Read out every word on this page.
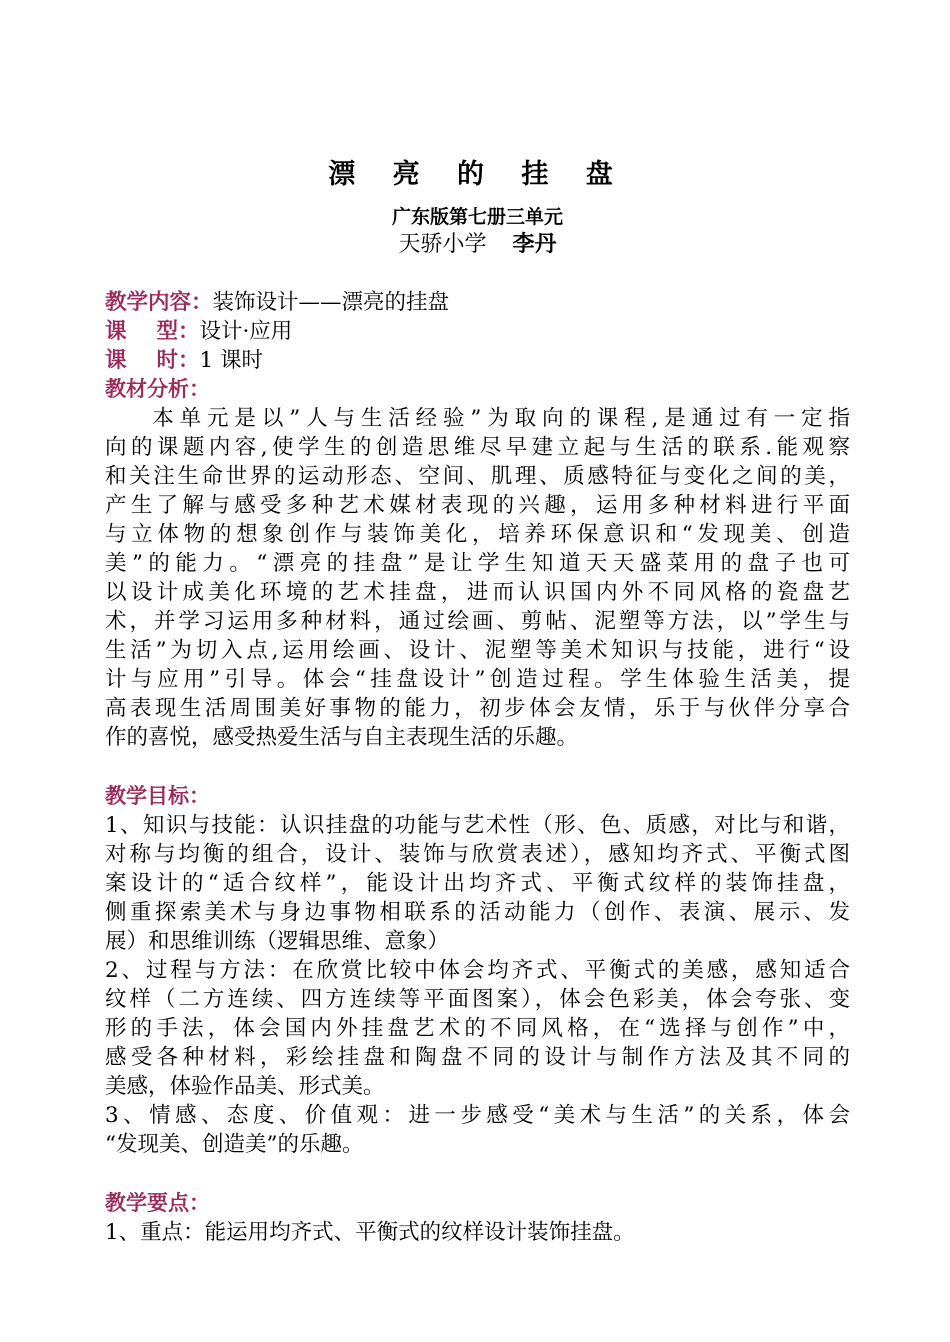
漂 亮 的 挂 盘
广东版第七册三单元
天骄小学 李丹
教学内容：装饰设计——漂亮的挂盘
课    型：设计·应用
课    时：1 课时
教材分析：
本单元是以”人与生活经验”为取向的课程,是通过有一定指
向的课题内容,使学生的创造思维尽早建立起与生活的联系.能观察
和关注生命世界的运动形态、空间、肌理、质感特征与变化之间的美，
产生了解与感受多种艺术媒材表现的兴趣，运用多种材料进行平面
与立体物的想象创作与装饰美化，培养环保意识和“发现美、创造
美”的能力。“漂亮的挂盘”是让学生知道天天盛菜用的盘子也可
以设计成美化环境的艺术挂盘，进而认识国内外不同风格的瓷盘艺
术，并学习运用多种材料，通过绘画、剪帖、泥塑等方法，以”学生与
生活”为切入点,运用绘画、设计、泥塑等美术知识与技能，进行“设
计与应用”引导。体会“挂盘设计”创造过程。学生体验生活美，提
高表现生活周围美好事物的能力，初步体会友情，乐于与伙伴分享合
作的喜悦，感受热爱生活与自主表现生活的乐趣。
教学目标：
1、知识与技能：认识挂盘的功能与艺术性（形、色、质感，对比与和谐，
对称与均衡的组合，设计、装饰与欣赏表述），感知均齐式、平衡式图
案设计的“适合纹样”，能设计出均齐式、平衡式纹样的装饰挂盘，
侧重探索美术与身边事物相联系的活动能力（创作、表演、展示、发
展）和思维训练（逻辑思维、意象）
2、过程与方法：在欣赏比较中体会均齐式、平衡式的美感，感知适合
纹样（二方连续、四方连续等平面图案），体会色彩美，体会夸张、变
形的手法，体会国内外挂盘艺术的不同风格，在“选择与创作”中，
感受各种材料，彩绘挂盘和陶盘不同的设计与制作方法及其不同的
美感，体验作品美、形式美。
3、情感、态度、价值观：进一步感受“美术与生活”的关系，体会
“发现美、创造美”的乐趣。
教学要点：
1、重点：能运用均齐式、平衡式的纹样设计装饰挂盘。
